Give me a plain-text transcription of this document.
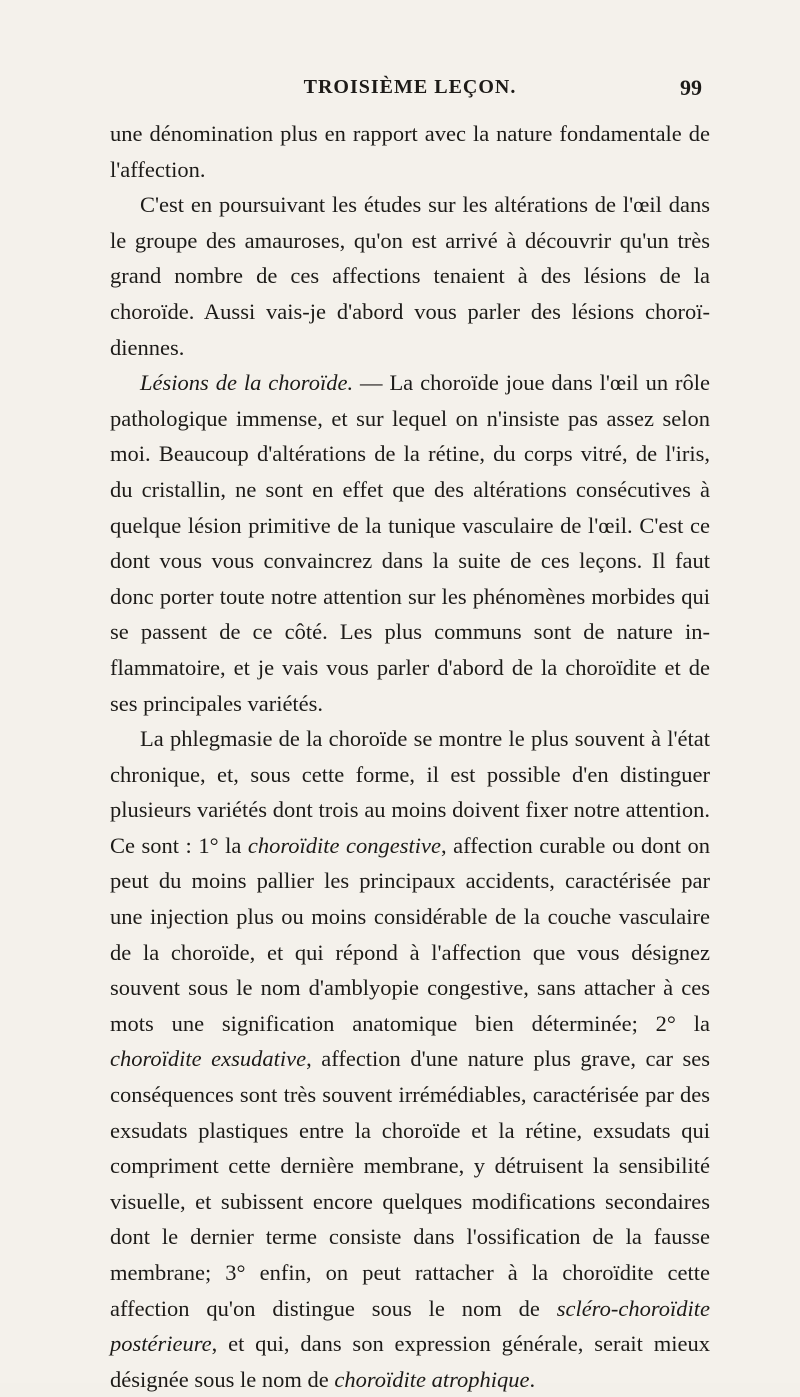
TROISIÈME LEÇON.	99

une dénomination plus en rapport avec la nature fondamentale de l'affection.

C'est en poursuivant les études sur les altérations de l'œil dans le groupe des amauroses, qu'on est arrivé à découvrir qu'un très grand nombre de ces affections tenaient à des lésions de la choroïde. Aussi vais-je d'abord vous parler des lésions choroïdiennes.

Lésions de la choroïde. — La choroïde joue dans l'œil un rôle pathologique immense, et sur lequel on n'insiste pas assez selon moi. Beaucoup d'altérations de la rétine, du corps vitré, de l'iris, du cristallin, ne sont en effet que des altérations consécutives à quelque lésion primitive de la tunique vasculaire de l'œil. C'est ce dont vous vous convaincrez dans la suite de ces leçons. Il faut donc porter toute notre attention sur les phénomènes morbides qui se passent de ce côté. Les plus communs sont de nature inflammatoire, et je vais vous parler d'abord de la choroïdite et de ses principales variétés.

La phlegmasie de la choroïde se montre le plus souvent à l'état chronique, et, sous cette forme, il est possible d'en distinguer plusieurs variétés dont trois au moins doivent fixer notre attention. Ce sont : 1° la choroïdite congestive, affection curable ou dont on peut du moins pallier les principaux accidents, caractérisée par une injection plus ou moins considérable de la couche vasculaire de la choroïde, et qui répond à l'affection que vous désignez souvent sous le nom d'amblyopie congestive, sans attacher à ces mots une signification anatomique bien déterminée; 2° la choroïdite exsudative, affection d'une nature plus grave, car ses conséquences sont très souvent irrémédiables, caractérisée par des exsudats plastiques entre la choroïde et la rétine, exsudats qui compriment cette dernière membrane, y détruisent la sensibilité visuelle, et subissent encore quelques modifications secondaires dont le dernier terme consiste dans l'ossification de la fausse membrane; 3° enfin, on peut rattacher à la choroïdite cette affection qu'on distingue sous le nom de scléro-choroïdite postérieure, et qui, dans son expression générale, serait mieux désignée sous le nom de choroïdite atrophique.
